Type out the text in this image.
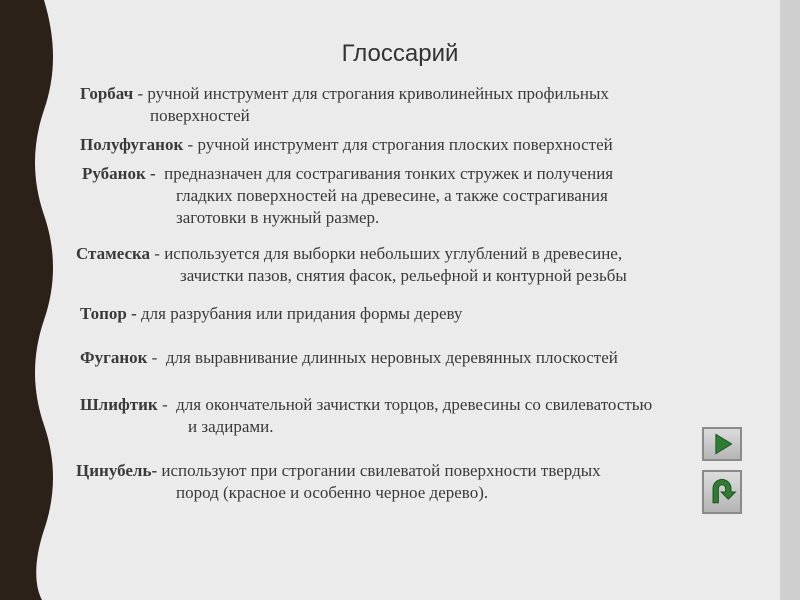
Глоссарий
Горбач - ручной инструмент для строгания криволинейных профильных
поверхностей
Полуфуганок - ручной инструмент для строгания плоских поверхностей
Рубанок - предназначен для сострагивания тонких стружек и получения
гладких поверхностей на древесине, а также сострагивания
заготовки в нужный размер.
Стамеска - используется для выборки небольших углублений в древесине,
зачистки пазов, снятия фасок, рельефной и контурной резьбы
Топор - для разрубания или придания формы дереву
Фуганок -  для выравнивание длинных неровных деревянных плоскостей
Шлифтик -  для окончательной зачистки торцов, древесины со свилеватостью
и задирами.
Цинубель- используют при строгании свилеватой поверхности твердых
пород (красное и особенно черное дерево).
